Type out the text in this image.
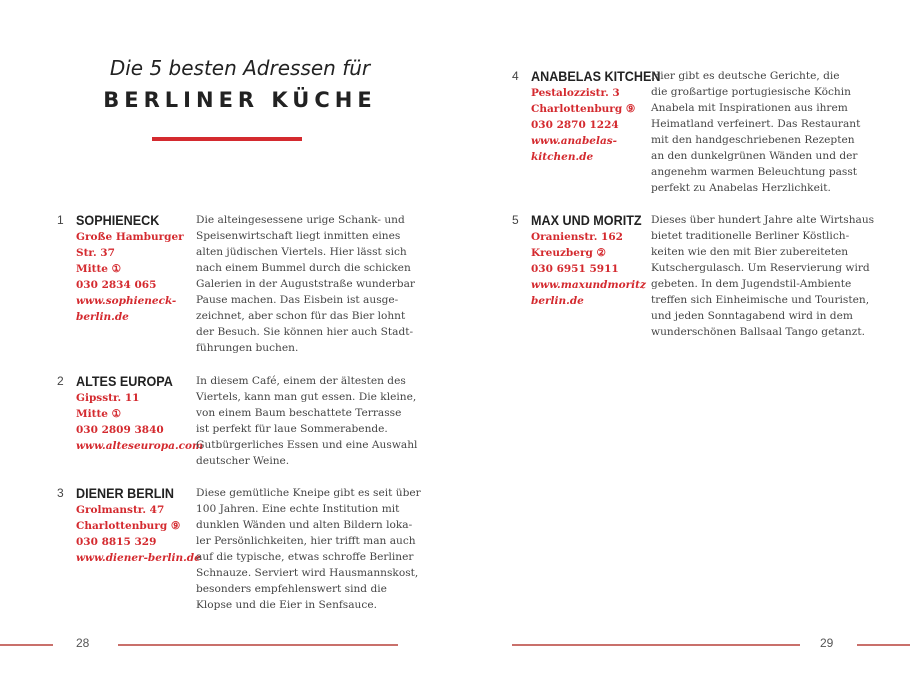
Die 5 besten Adressen für
BERLINER KÜCHE
1 SOPHIENECK
Große Hamburger
Str. 37
Mitte ①
030 2834 065
www.sophieneck-
berlin.de
Die alteingesessene urige Schank- und
Speisenwirtschaft liegt inmitten eines
alten jüdischen Viertels. Hier lässt sich
nach einem Bummel durch die schicken
Galerien in der Auguststraße wunderbar
Pause machen. Das Eisbein ist ausge-
zeichnet, aber schon für das Bier lohnt
der Besuch. Sie können hier auch Stadt-
führungen buchen.
2 ALTES EUROPA
Gipsstr. 11
Mitte ①
030 2809 3840
www.alteseuropa.com
In diesem Café, einem der ältesten des
Viertels, kann man gut essen. Die kleine,
von einem Baum beschattete Terrasse
ist perfekt für laue Sommerabende.
Gutbürgerliches Essen und eine Auswahl
deutscher Weine.
3 DIENER BERLIN
Grolmanstr. 47
Charlottenburg ⑨
030 8815 329
www.diener-berlin.de
Diese gemütliche Kneipe gibt es seit über
100 Jahren. Eine echte Institution mit
dunklen Wänden und alten Bildern loka-
ler Persönlichkeiten, hier trifft man auch
auf die typische, etwas schroffe Berliner
Schnauze. Serviert wird Hausmannskost,
besonders empfehlenswert sind die
Klopse und die Eier in Senfsauce.
4 ANABELAS KITCHEN
Pestalozzistr. 3
Charlottenburg ⑨
030 2870 1224
www.anabelas-
kitchen.de
Hier gibt es deutsche Gerichte, die
die großartige portugiesische Köchin
Anabela mit Inspirationen aus ihrem
Heimatland verfeinert. Das Restaurant
mit den handgeschriebenen Rezepten
an den dunkelgrünen Wänden und der
angenehm warmen Beleuchtung passt
perfekt zu Anabelas Herzlichkeit.
5 MAX UND MORITZ
Oranienstr. 162
Kreuzberg ②
030 6951 5911
www.maxundmoritz
berlin.de
Dieses über hundert Jahre alte Wirtshaus
bietet traditionelle Berliner Köstlich-
keiten wie den mit Bier zubereiteten
Kutschergulasch. Um Reservierung wird
gebeten. In dem Jugendstil-Ambiente
treffen sich Einheimische und Touristen,
und jeden Sonntagabend wird in dem
wunderschönen Ballsaal Tango getanzt.
28	29
